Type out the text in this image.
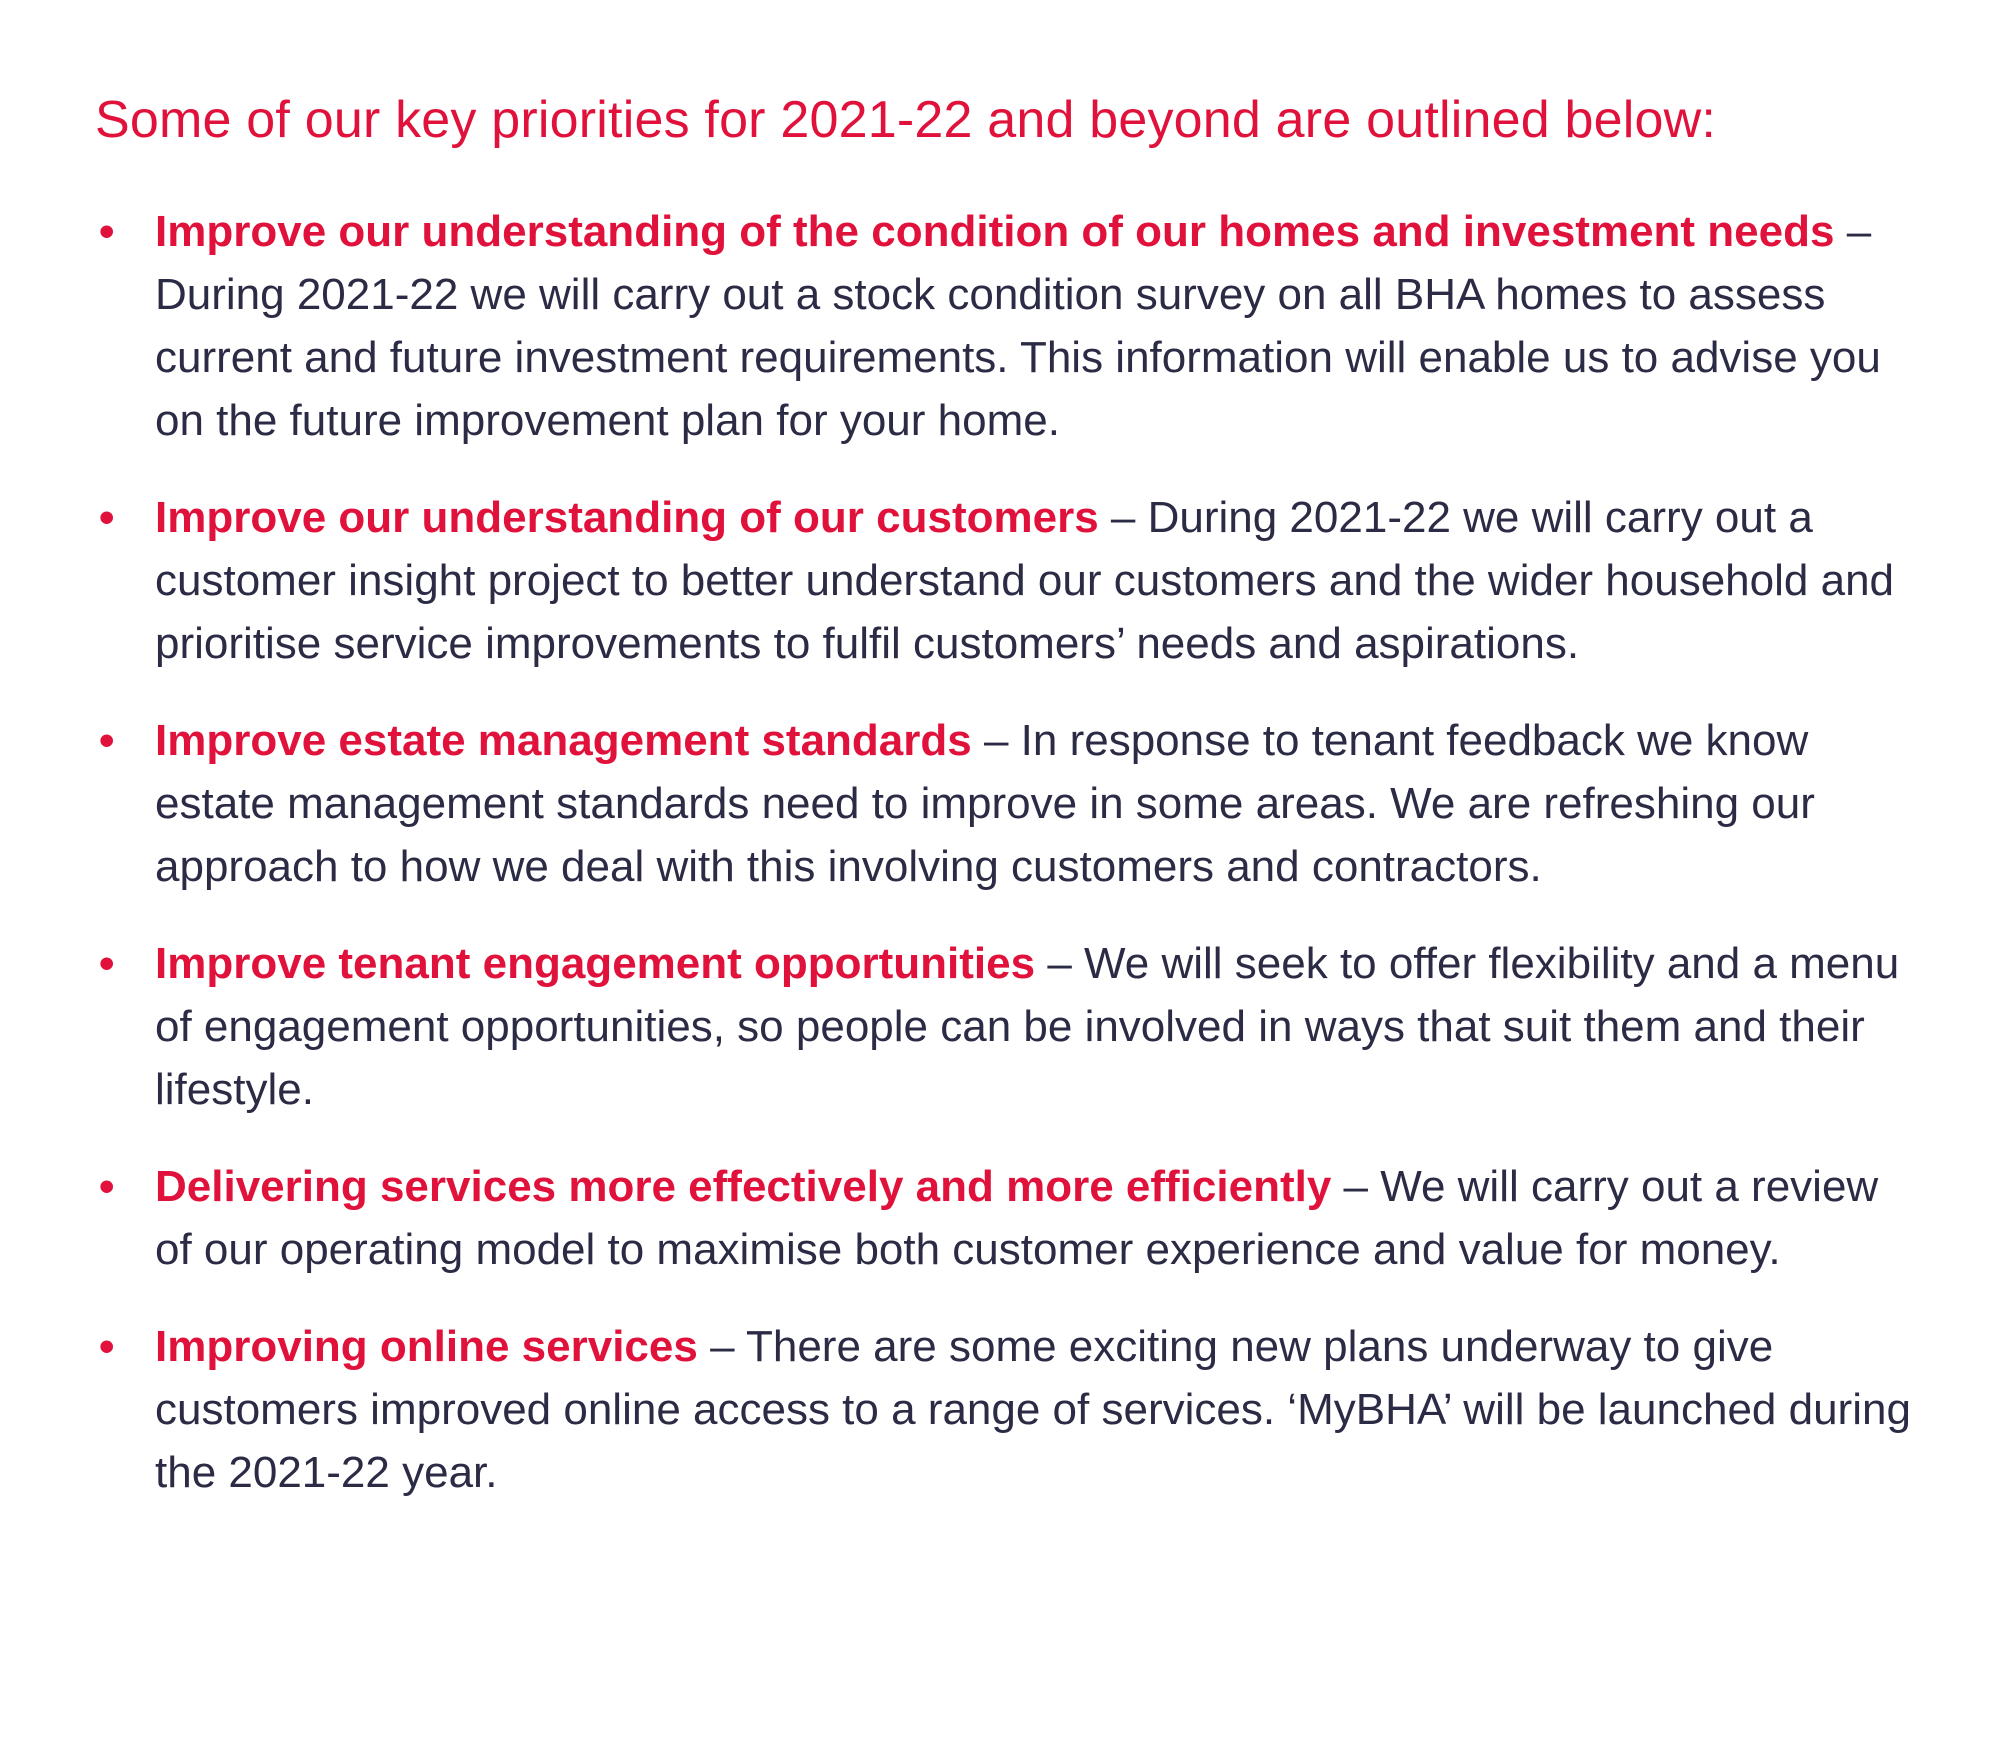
Some of our key priorities for 2021-22 and beyond are outlined below:
• Improve our understanding of the condition of our homes and investment needs – During 2021-22 we will carry out a stock condition survey on all BHA homes to assess current and future investment requirements. This information will enable us to advise you on the future improvement plan for your home.
• Improve our understanding of our customers – During 2021-22 we will carry out a customer insight project to better understand our customers and the wider household and prioritise service improvements to fulfil customers’ needs and aspirations.
• Improve estate management standards – In response to tenant feedback we know estate management standards need to improve in some areas. We are refreshing our approach to how we deal with this involving customers and contractors.
• Improve tenant engagement opportunities – We will seek to offer flexibility and a menu of engagement opportunities, so people can be involved in ways that suit them and their lifestyle.
• Delivering services more effectively and more efficiently – We will carry out a review of our operating model to maximise both customer experience and value for money.
• Improving online services – There are some exciting new plans underway to give customers improved online access to a range of services. ‘MyBHA’ will be launched during the 2021-22 year.
